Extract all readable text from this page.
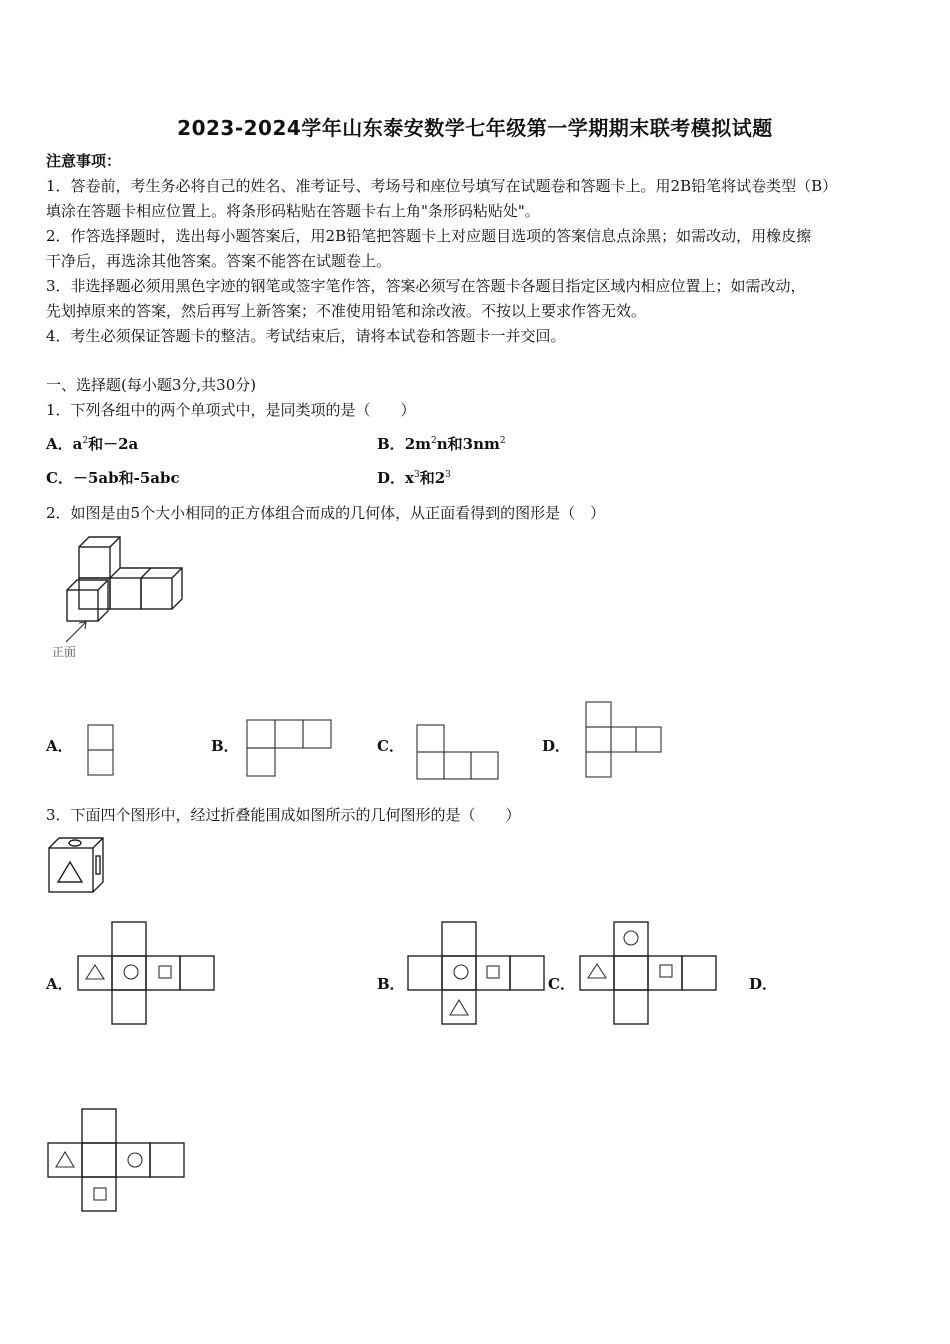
2023-2024学年山东泰安数学七年级第一学期期末联考模拟试题
注意事项：
1．答卷前，考生务必将自己的姓名、准考证号、考场号和座位号填写在试题卷和答题卡上。用2B铅笔将试卷类型（B）
填涂在答题卡相应位置上。将条形码粘贴在答题卡右上角"条形码粘贴处"。
2．作答选择题时，选出每小题答案后，用2B铅笔把答题卡上对应题目选项的答案信息点涂黑；如需改动，用橡皮擦
干净后，再选涂其他答案。答案不能答在试题卷上。
3．非选择题必须用黑色字迹的钢笔或签字笔作答，答案必须写在答题卡各题目指定区域内相应位置上；如需改动，
先划掉原来的答案，然后再写上新答案；不准使用铅笔和涂改液。不按以上要求作答无效。
4．考生必须保证答题卡的整洁。考试结束后，请将本试卷和答题卡一并交回。
一、选择题(每小题3分,共30分)
1．下列各组中的两个单项式中，是同类项的是（　　）
A．$a^2$和－2a	B．$2m^2n$和$3nm^2$
C．－5ab和-5abc	D．$x^3$和$2^3$
2．如图是由5个大小相同的正方体组合而成的几何体，从正面看得到的图形是（　）
正面
A．	B．	C．	D．
3．下面四个图形中，经过折叠能围成如图所示的几何图形的是（　　）
A．	B．	C．	D．
